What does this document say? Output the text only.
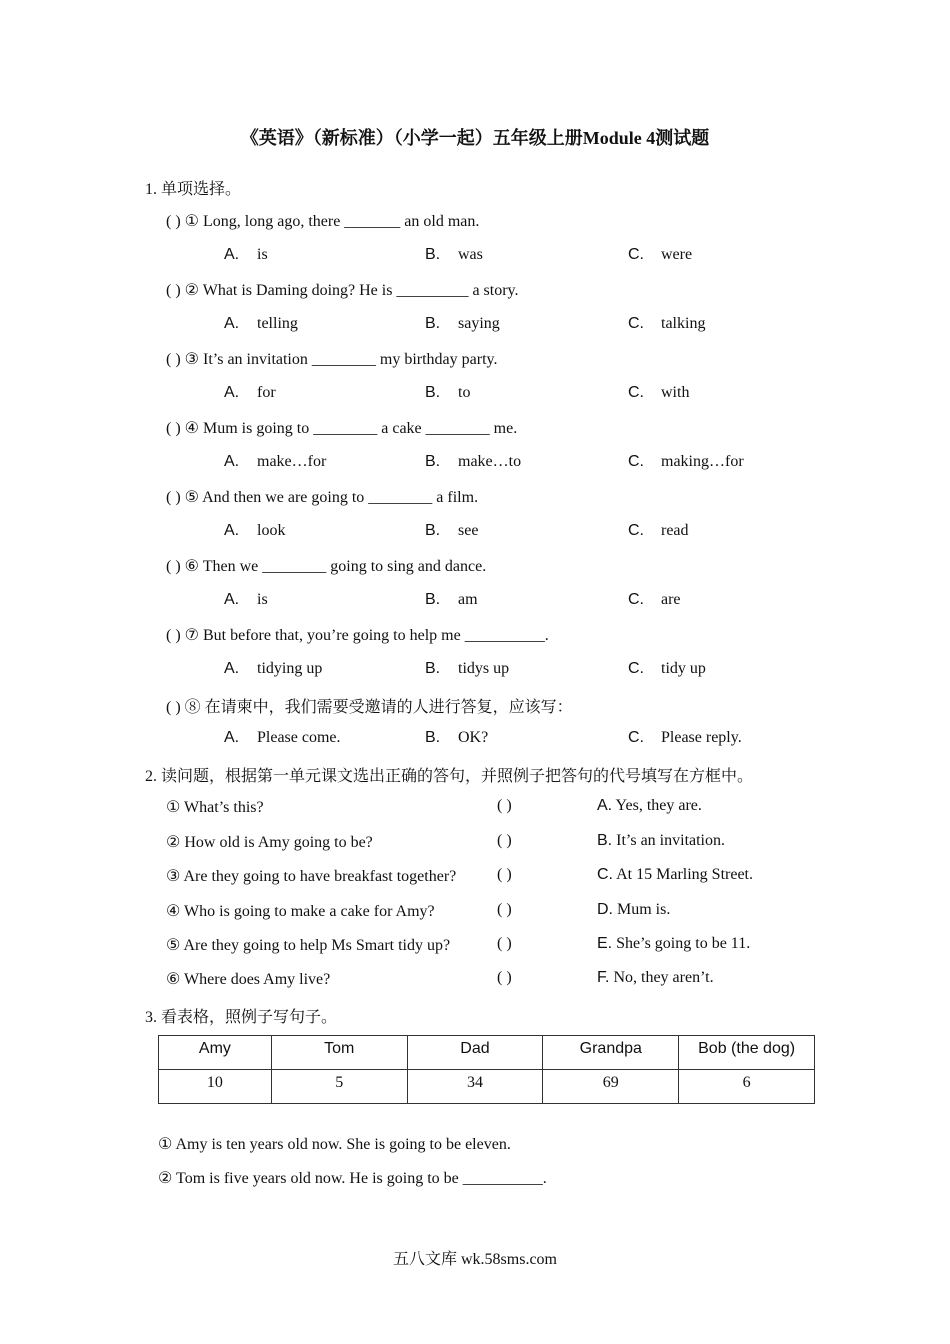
《英语》（新标准）（小学一起）五年级上册Module 4测试题
1. 单项选择。
( ) ① Long, long ago, there _______ an old man.
A. is	B. was	C. were
( ) ② What is Daming doing? He is _________ a story.
A. telling	B. saying	C. talking
( ) ③ It’s an invitation ________ my birthday party.
A. for	B. to	C. with
( ) ④ Mum is going to ________ a cake ________ me.
A. make…for	B. make…to	C. making…for
( ) ⑤ And then we are going to ________ a film.
A. look	B. see	C. read
( ) ⑥ Then we ________ going to sing and dance.
A. is	B. am	C. are
( ) ⑦ But before that, you’re going to help me __________.
A. tidying up	B. tidys up	C. tidy up
( ) ⑧ 在请柬中，我们需要受邀请的人进行答复，应该写：
A. Please come.	B. OK?	C. Please reply.
2. 读问题，根据第一单元课文选出正确的答句，并照例子把答句的代号填写在方框中。
① What’s this?	( )	A. Yes, they are.
② How old is Amy going to be?	( )	B. It’s an invitation.
③ Are they going to have breakfast together?	( )	C. At 15 Marling Street.
④ Who is going to make a cake for Amy?	( )	D. Mum is.
⑤ Are they going to help Ms Smart tidy up?	( )	E. She’s going to be 11.
⑥ Where does Amy live?	( )	F. No, they aren’t.
3. 看表格，照例子写句子。
Amy	Tom	Dad	Grandpa	Bob (the dog)
10	5	34	69	6
① Amy is ten years old now. She is going to be eleven.
② Tom is five years old now. He is going to be __________.
五八文库 wk.58sms.com
